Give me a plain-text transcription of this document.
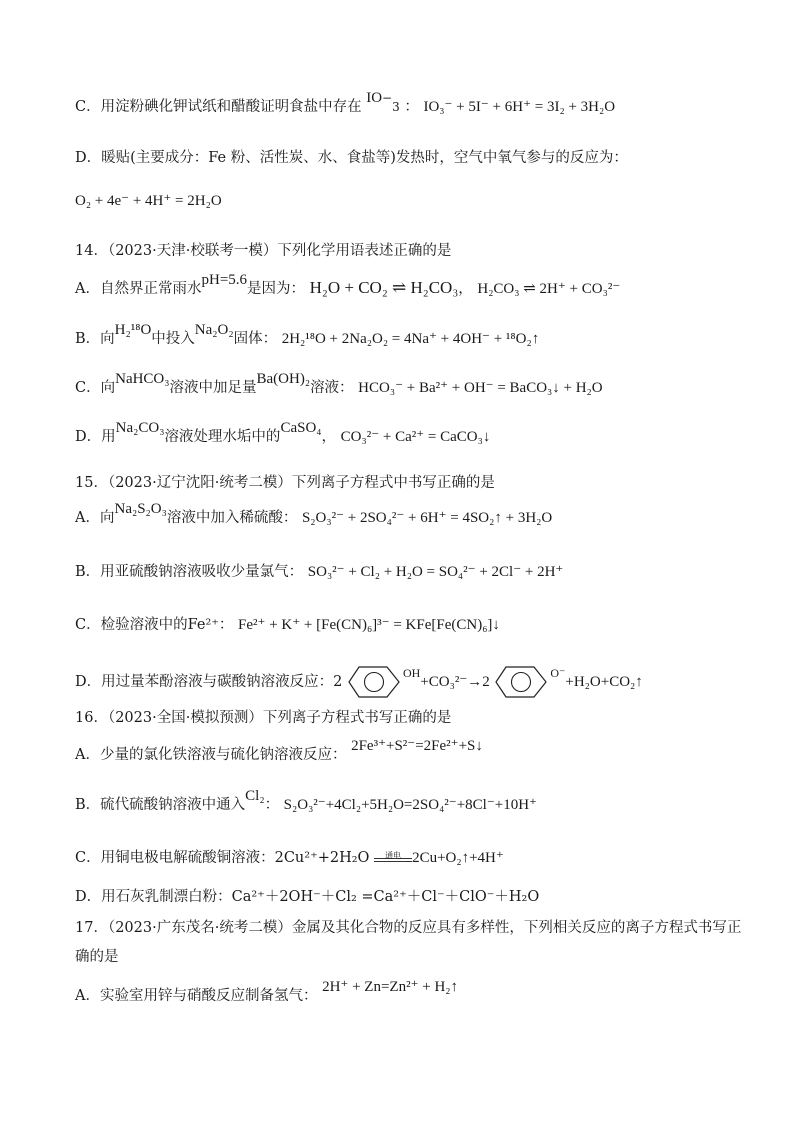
C．用淀粉碘化钾试纸和醋酸证明食盐中存在 IO−3 ： IO₃⁻ + 5I⁻ + 6H⁺ = 3I₂ + 3H₂O
D．暖贴(主要成分：Fe 粉、活性炭、水、食盐等)发热时，空气中氧气参与的反应为：
O₂ + 4e⁻ + 4H⁺ = 2H₂O
14．（2023·天津·校联考一模）下列化学用语表述正确的是
A．自然界正常雨水pH=5.6是因为： H₂O + CO₂ ⇌ H₂CO₃， H₂CO₃ ⇌ 2H⁺ + CO₃²⁻
B．向H₂¹⁸O中投入Na₂O₂固体： 2H₂¹⁸O + 2Na₂O₂ = 4Na⁺ + 4OH⁻ + ¹⁸O₂↑
C．向NaHCO₃溶液中加足量Ba(OH)₂溶液： HCO₃⁻ + Ba²⁺ + OH⁻ = BaCO₃↓ + H₂O
D．用Na₂CO₃溶液处理水垢中的CaSO₄， CO₃²⁻ + Ca²⁺ = CaCO₃↓
15．（2023·辽宁沈阳·统考二模）下列离子方程式中书写正确的是
A．向Na₂S₂O₃溶液中加入稀硫酸： S₂O₃²⁻ + 2SO₄²⁻ + 6H⁺ = 4SO₂↑ + 3H₂O
B．用亚硫酸钠溶液吸收少量氯气： SO₃²⁻ + Cl₂ + H₂O = SO₄²⁻ + 2Cl⁻ + 2H⁺
C．检验溶液中的Fe²⁺： Fe²⁺ + K⁺ + [Fe(CN)₆]³⁻ = KFe[Fe(CN)₆]↓
D．用过量苯酚溶液与碳酸钠溶液反应：2 $^{OH}$+CO₃²⁻→2 $^{O^-}$+H₂O+CO₂↑
16．（2023·全国·模拟预测）下列离子方程式书写正确的是
A．少量的氯化铁溶液与硫化钠溶液反应： 2Fe³⁺+S²⁻=2Fe²⁺+S↓
B．硫代硫酸钠溶液中通入Cl₂： S₂O₃²⁻+4Cl₂+5H₂O=2SO₄²⁻+8Cl⁻+10H⁺
C．用铜电极电解硫酸铜溶液：2Cu²⁺+2H₂O	通电 2Cu+O₂↑+4H⁺
D．用石灰乳制漂白粉：Ca²⁺＋2OH⁻＋Cl₂ =Ca²⁺＋Cl⁻＋ClO⁻＋H₂O
17．（2023·广东茂名·统考二模）金属及其化合物的反应具有多样性，下列相关反应的离子方程式书写正
确的是
A．实验室用锌与硝酸反应制备氢气： 2H⁺ + Zn=Zn²⁺ + H₂↑
